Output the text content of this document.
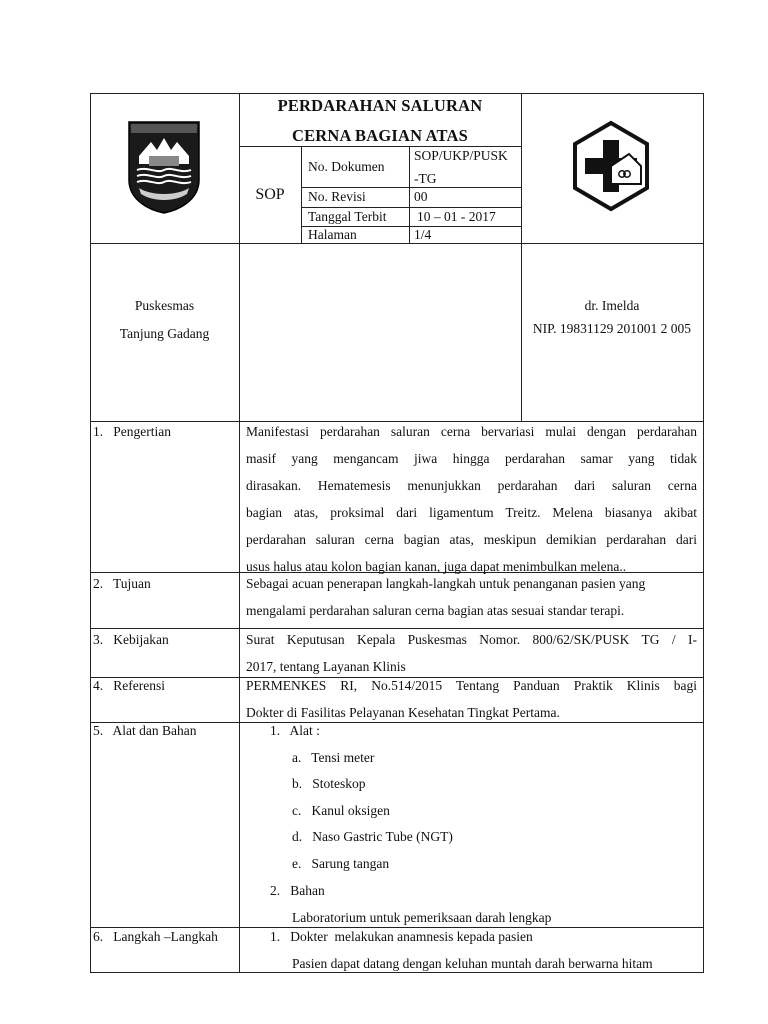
PERDARAHAN SALURAN
CERNA BAGIAN ATAS
SOP
No. Dokumen
No. Revisi
Tanggal Terbit
Halaman
SOP/UKP/PUSK
-TG
00
10 – 01 - 2017
1/4
Puskesmas
Tanjung Gadang
dr. Imelda
NIP. 19831129 201001 2 005
1.   Pengertian
2.   Tujuan
3.   Kebijakan
4.   Referensi
5.   Alat dan Bahan
6.   Langkah –Langkah
Manifestasi perdarahan saluran cerna bervariasi mulai dengan perdarahan
masif yang mengancam jiwa hingga perdarahan samar yang tidak
dirasakan. Hematemesis menunjukkan perdarahan dari saluran cerna
bagian atas, proksimal dari ligamentum Treitz. Melena biasanya akibat
perdarahan saluran cerna bagian atas, meskipun demikian perdarahan dari
usus halus atau kolon bagian kanan, juga dapat menimbulkan melena..
Sebagai acuan penerapan langkah-langkah untuk penanganan pasien yang
mengalami perdarahan saluran cerna bagian atas sesuai standar terapi.
Surat Keputusan Kepala Puskesmas Nomor. 800/62/SK/PUSK TG / I-
2017, tentang Layanan Klinis
PERMENKES RI, No.514/2015 Tentang Panduan Praktik Klinis bagi
Dokter di Fasilitas Pelayanan Kesehatan Tingkat Pertama.
1.   Alat :
a.   Tensi meter
b.   Stoteskop
c.   Kanul oksigen
d.   Naso Gastric Tube (NGT)
e.   Sarung tangan
2.   Bahan
Laboratorium untuk pemeriksaan darah lengkap
1.   Dokter  melakukan anamnesis kepada pasien
Pasien dapat datang dengan keluhan muntah darah berwarna hitam
